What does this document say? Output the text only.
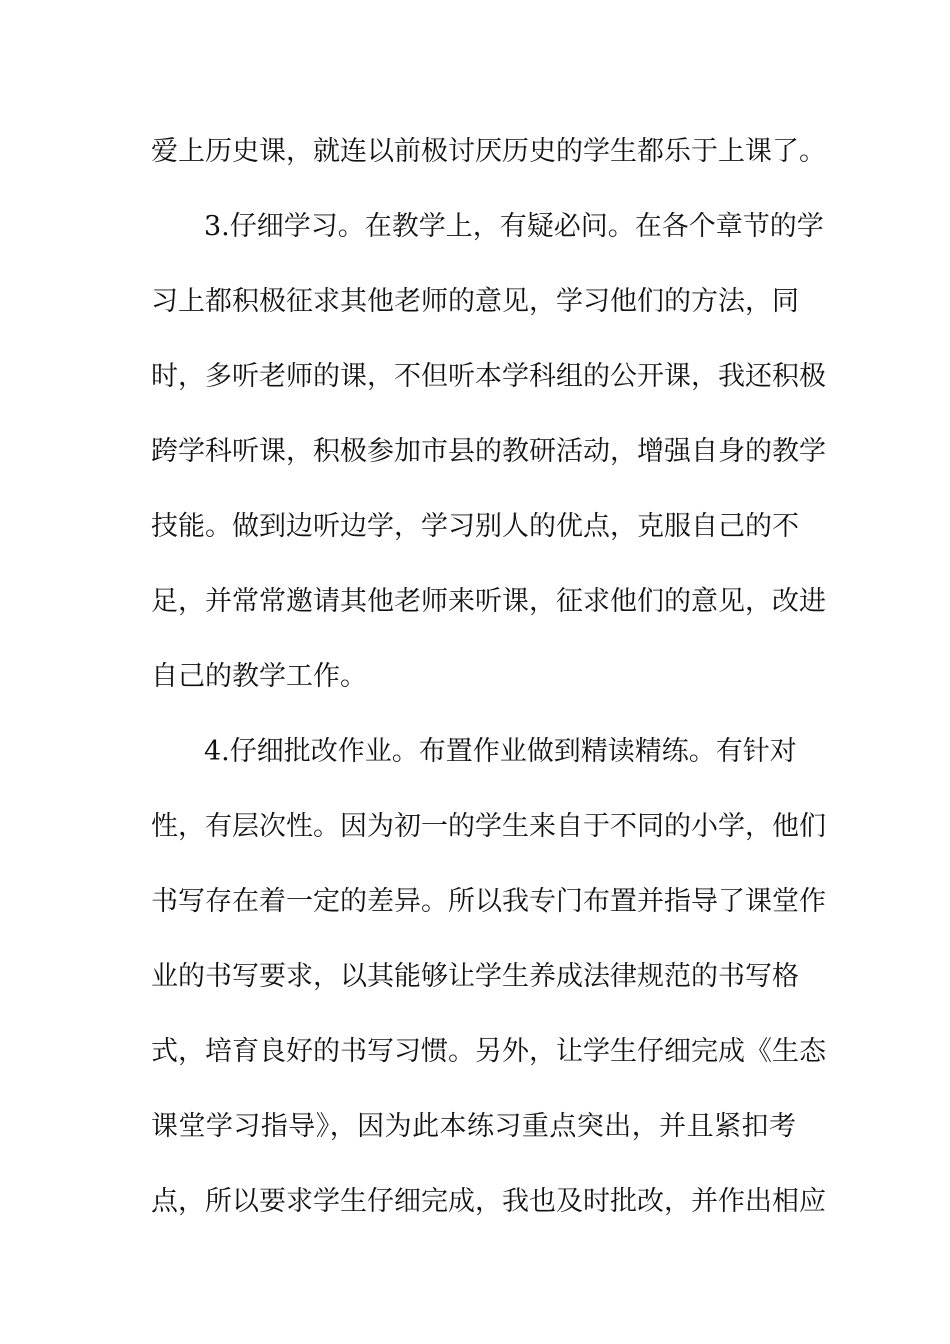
爱上历史课，就连以前极讨厌历史的学生都乐于上课了。
3.仔细学习。在教学上，有疑必问。在各个章节的学
习上都积极征求其他老师的意见，学习他们的方法，同
时，多听老师的课，不但听本学科组的公开课，我还积极
跨学科听课，积极参加市县的教研活动，增强自身的教学
技能。做到边听边学，学习别人的优点，克服自己的不
足，并常常邀请其他老师来听课，征求他们的意见，改进
自己的教学工作。
4.仔细批改作业。布置作业做到精读精练。有针对
性，有层次性。因为初一的学生来自于不同的小学，他们
书写存在着一定的差异。所以我专门布置并指导了课堂作
业的书写要求，以其能够让学生养成法律规范的书写格
式，培育良好的书写习惯。另外，让学生仔细完成《生态
课堂学习指导》，因为此本练习重点突出，并且紧扣考
点，所以要求学生仔细完成，我也及时批改，并作出相应
